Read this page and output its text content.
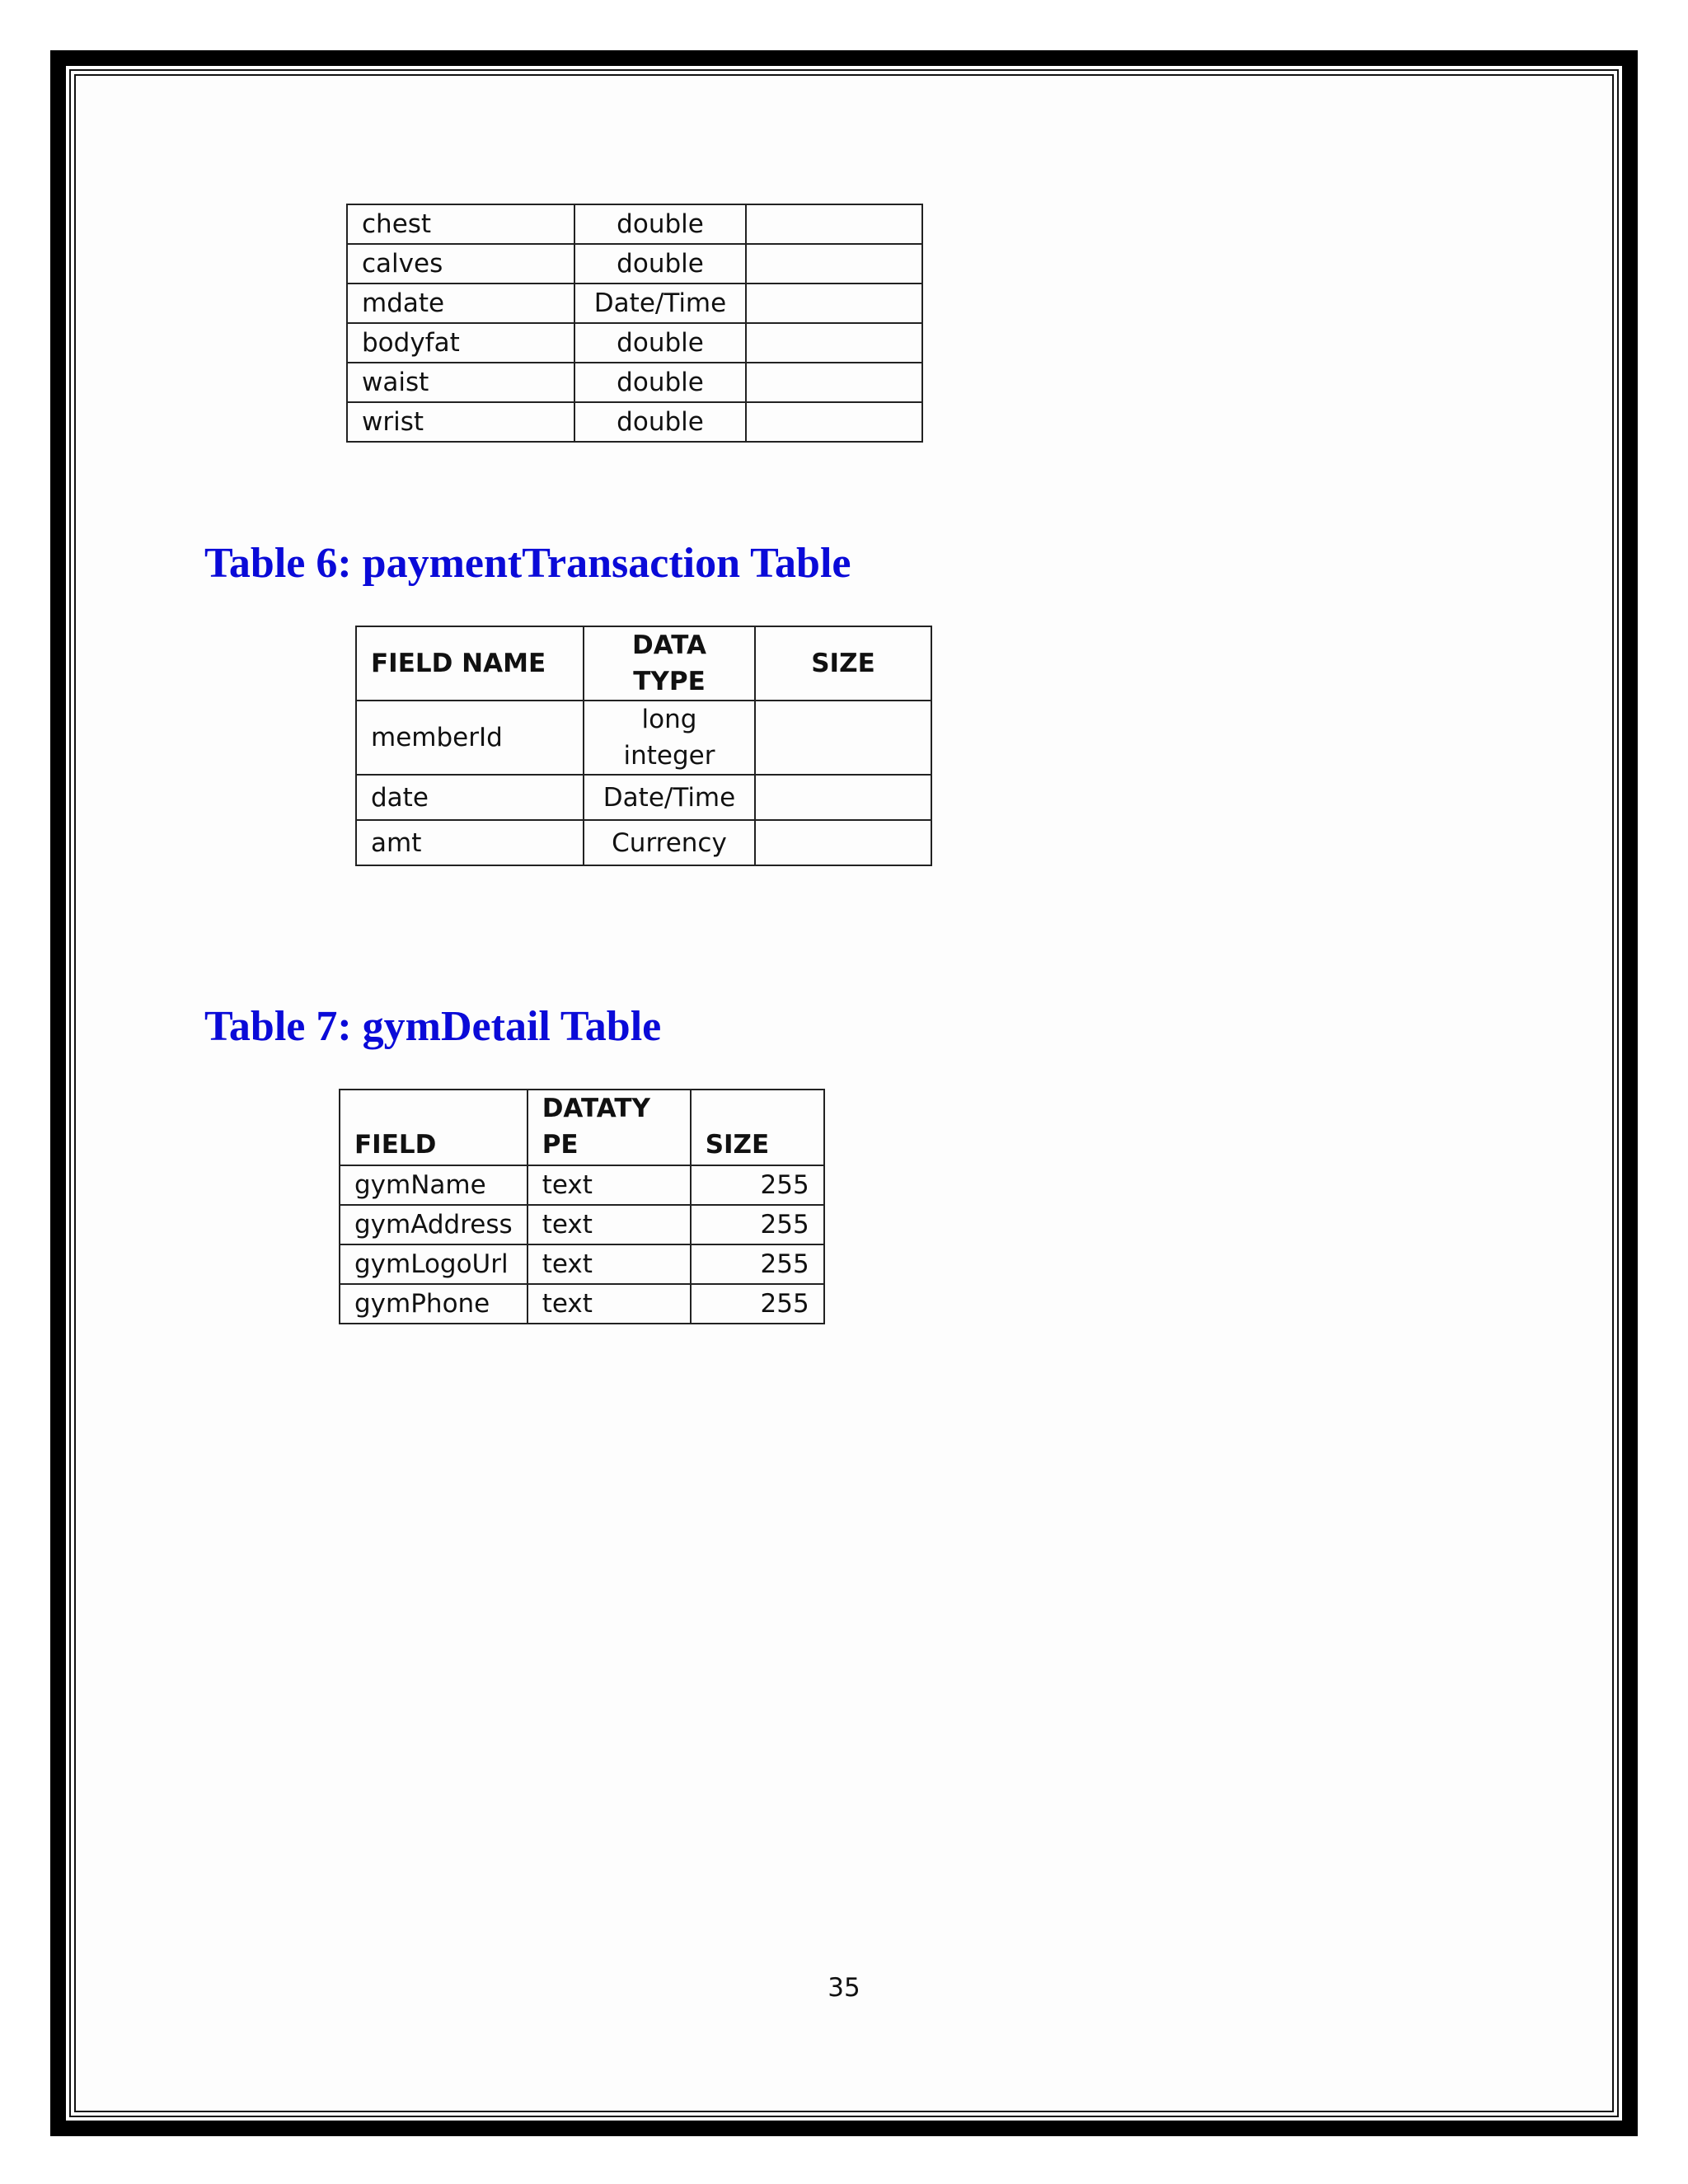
chest	double	
calves	double	
mdate	Date/Time	
bodyfat	double	
waist	double	
wrist	double	
Table 6: paymentTransaction Table
FIELD NAME	DATA TYPE	SIZE
memberId	long integer	
date	Date/Time	
amt	Currency	
Table 7: gymDetail Table
FIELD	DATATYPE	SIZE
gymName	text	255
gymAddress	text	255
gymLogoUrl	text	255
gymPhone	text	255
35
